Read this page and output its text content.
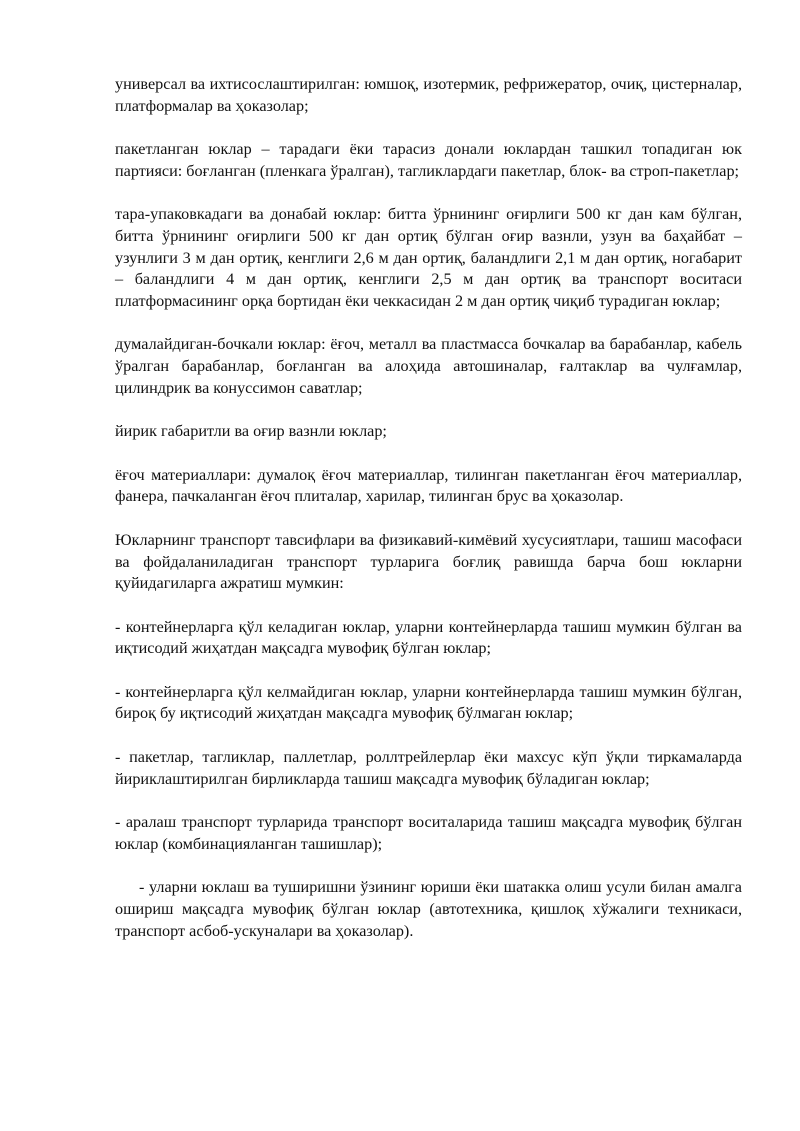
универсал ва ихтисослаштирилган: юмшоқ, изотермик, рефрижератор, очиқ, цистерналар, платформалар ва ҳоказолар;

пакетланган юклар – тарадаги ёки тарасиз донали юклардан ташкил топадиган юк партияси: боғланган (пленкага ўралган), тагликлардаги пакетлар, блок- ва строп-пакетлар;

тара-упаковкадаги ва донабай юклар: битта ўрнининг оғирлиги 500 кг дан кам бўлган, битта ўрнининг оғирлиги 500 кг дан ортиқ бўлган оғир вазнли, узун ва баҳайбат – узунлиги 3 м дан ортиқ, кенглиги 2,6 м дан ортиқ, баландлиги 2,1 м дан ортиқ, ногабарит – баландлиги 4 м дан ортиқ, кенглиги 2,5 м дан ортиқ ва транспорт воситаси платформасининг орқа бортидан ёки чеккасидан 2 м дан ортиқ чиқиб турадиган юклар;

думалайдиган-бочкали юклар: ёғоч, металл ва пластмасса бочкалар ва барабанлар, кабель ўралган барабанлар, боғланган ва алоҳида автошиналар, ғалтаклар ва чулғамлар, цилиндрик ва конуссимон саватлар;

йирик габаритли ва оғир вазнли юклар;

ёғоч материаллари: думалоқ ёғоч материаллар, тилинган пакетланган ёғоч материаллар, фанера, пачкаланган ёғоч плиталар, харилар, тилинган брус ва ҳоказолар.

Юкларнинг транспорт тавсифлари ва физикавий-кимёвий хусусиятлари, ташиш масофаси ва фойдаланиладиган транспорт турларига боғлиқ равишда барча бош юкларни қуйидагиларга ажратиш мумкин:

- контейнерларга қўл келадиган юклар, уларни контейнерларда ташиш мумкин бўлган ва иқтисодий жиҳатдан мақсадга мувофиқ бўлган юклар;

- контейнерларга қўл келмайдиган юклар, уларни контейнерларда ташиш мумкин бўлган, бироқ бу иқтисодий жиҳатдан мақсадга мувофиқ бўлмаган юклар;

- пакетлар, тагликлар, паллетлар, роллтрейлерлар ёки махсус кўп ўқли тиркамаларда йириклаштирилган бирликларда ташиш мақсадга мувофиқ бўладиган юклар;

- аралаш транспорт турларида транспорт воситаларида ташиш мақсадга мувофиқ бўлган юклар (комбинацияланган ташишлар);

- уларни юклаш ва туширишни ўзининг юриши ёки шатакка олиш усули билан амалга ошириш мақсадга мувофиқ бўлган юклар (автотехника, қишлоқ хўжалиги техникаси, транспорт асбоб-ускуналари ва ҳоказолар).
